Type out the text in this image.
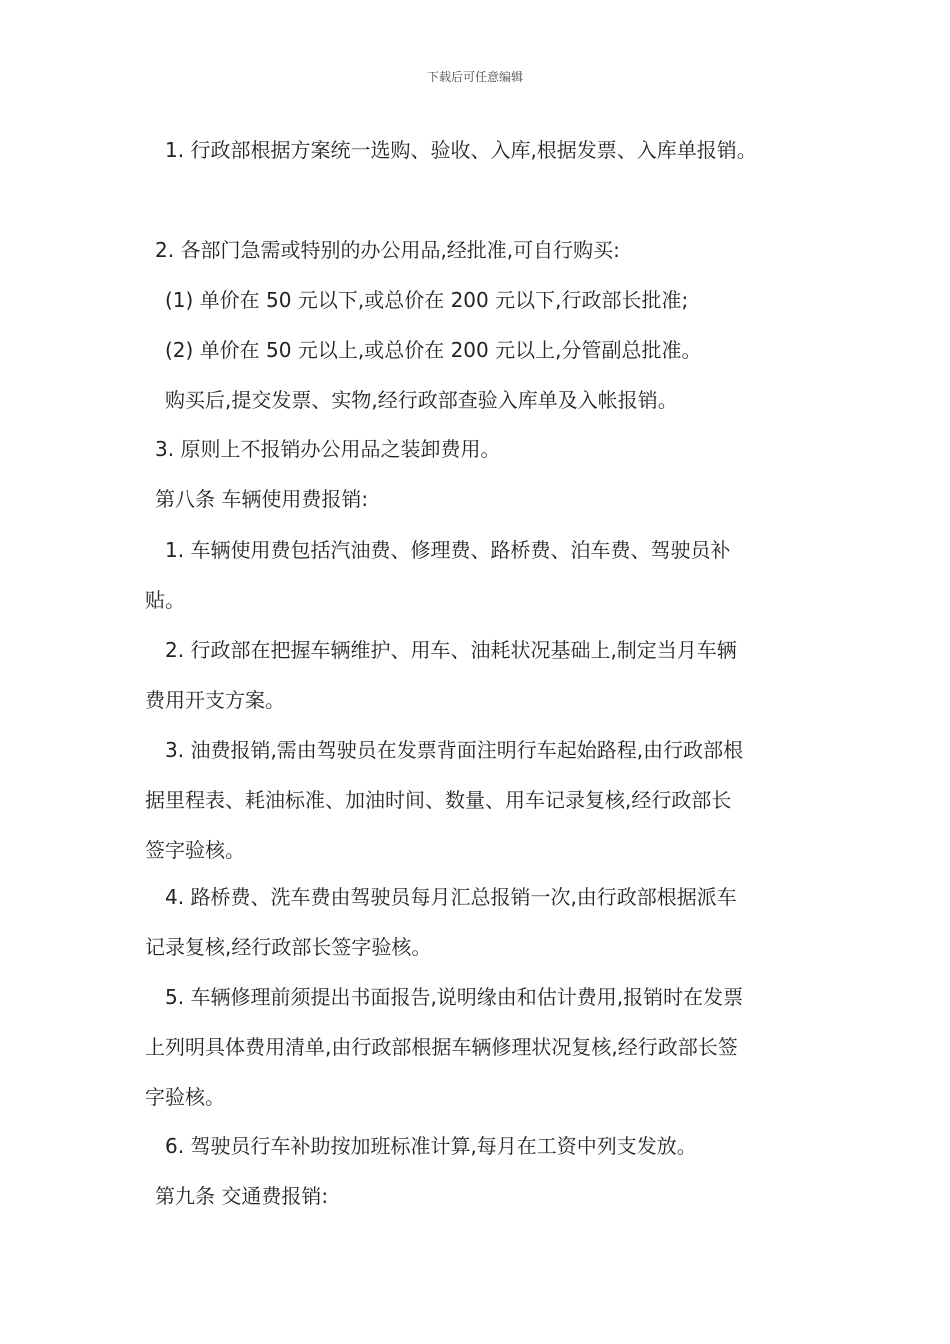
下载后可任意编辑
1. 行政部根据方案统一选购、验收、入库,根据发票、入库单报销。
2. 各部门急需或特别的办公用品,经批准,可自行购买:
(1) 单价在 50 元以下,或总价在 200 元以下,行政部长批准;
(2) 单价在 50 元以上,或总价在 200 元以上,分管副总批准。
购买后,提交发票、实物,经行政部查验入库单及入帐报销。
3. 原则上不报销办公用品之装卸费用。
第八条 车辆使用费报销:
1. 车辆使用费包括汽油费、修理费、路桥费、泊车费、驾驶员补
贴。
2. 行政部在把握车辆维护、用车、油耗状况基础上,制定当月车辆
费用开支方案。
3. 油费报销,需由驾驶员在发票背面注明行车起始路程,由行政部根
据里程表、耗油标准、加油时间、数量、用车记录复核,经行政部长
签字验核。
4. 路桥费、洗车费由驾驶员每月汇总报销一次,由行政部根据派车
记录复核,经行政部长签字验核。
5. 车辆修理前须提出书面报告,说明缘由和估计费用,报销时在发票
上列明具体费用清单,由行政部根据车辆修理状况复核,经行政部长签
字验核。
6. 驾驶员行车补助按加班标准计算,每月在工资中列支发放。
第九条 交通费报销:
